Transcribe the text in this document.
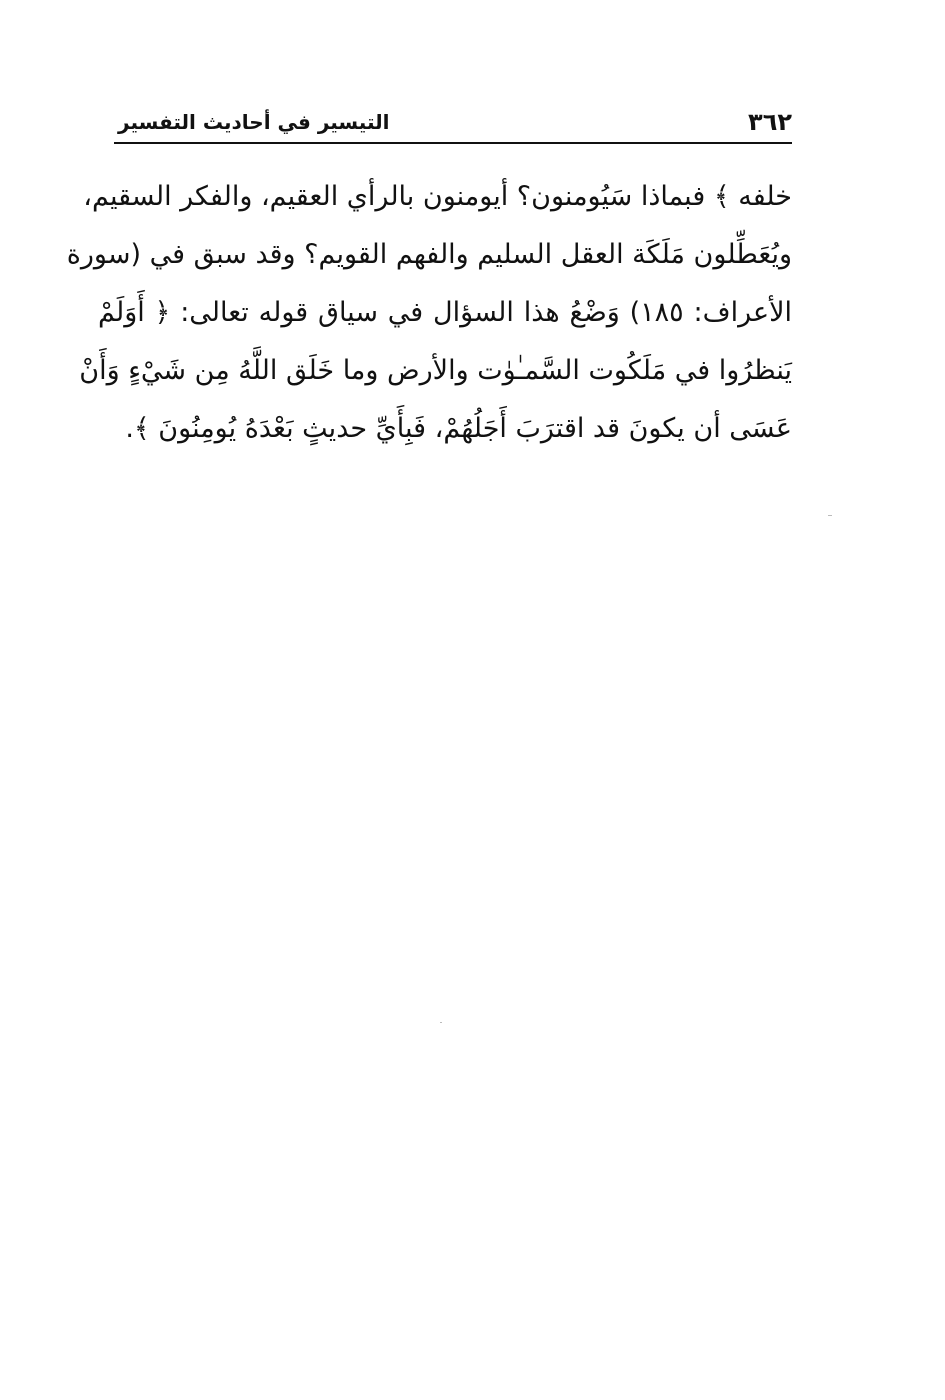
٣٦٢
التيسير في أحاديث التفسير
خلفه ﴾ فبماذا سَيُومنون؟ أيومنون بالرأي العقيم، والفكر السقيم،
ويُعَطِّلون مَلَكَة العقل السليم والفهم القويم؟ وقد سبق في (سورة
الأعراف: ١٨٥) وَضْعُ هذا السؤال في سياق قوله تعالى: ﴿ أَوَلَمْ
يَنظرُوا في مَلَكُوت السَّمـٰوٰت والأرض وما خَلَق اللَّهُ مِن شَيْءٍ وَأَنْ
عَسَى أن يكونَ قد اقترَبَ أَجَلُهُمْ، فَبِأَيِّ حديثٍ بَعْدَهُ يُومِنُونَ ﴾.
